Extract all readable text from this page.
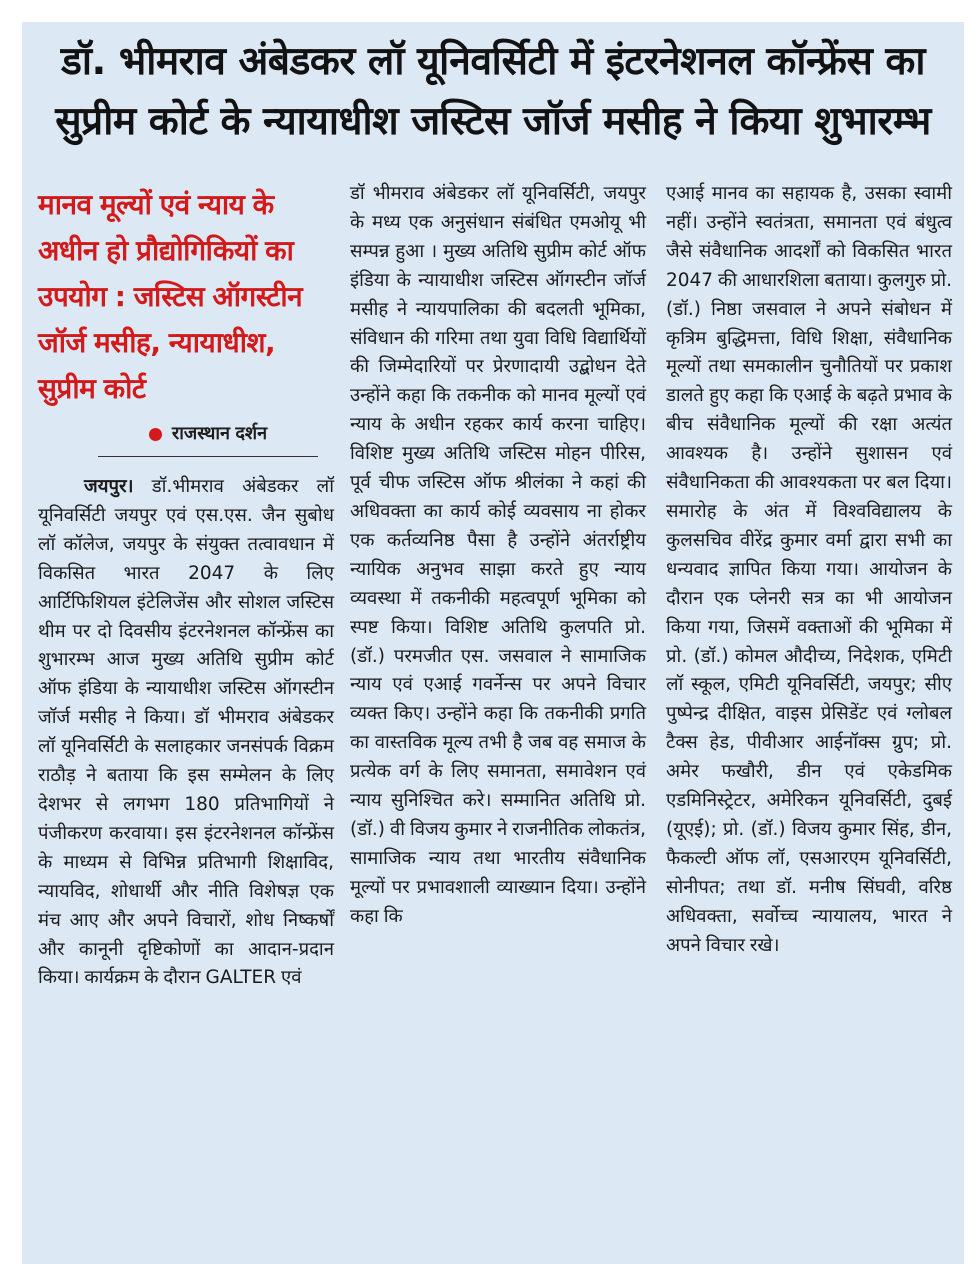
डॉ. भीमराव अंबेडकर लॉ यूनिवर्सिटी में इंटरनेशनल कॉन्फ्रेंस का
सुप्रीम कोर्ट के न्यायाधीश जस्टिस जॉर्ज मसीह ने किया शुभारम्भ
मानव मूल्यों एवं न्याय के अधीन हो प्रौद्योगिकियों का उपयोग : जस्टिस ऑगस्टीन जॉर्ज मसीह, न्यायाधीश, सुप्रीम कोर्ट
राजस्थान दर्शन

जयपुर। डॉ.भीमराव अंबेडकर लॉ यूनिवर्सिटी जयपुर एवं एस.एस. जैन सुबोध लॉ कॉलेज, जयपुर के संयुक्त तत्वावधान में विकसित भारत 2047 के लिए आर्टिफिशियल इंटेलिजेंस और सोशल जस्टिस थीम पर दो दिवसीय इंटरनेशनल कॉन्फ्रेंस का शुभारम्भ आज मुख्य अतिथि सुप्रीम कोर्ट ऑफ इंडिया के न्यायाधीश जस्टिस ऑगस्टीन जॉर्ज मसीह ने किया। डॉ भीमराव अंबेडकर लॉ यूनिवर्सिटी के सलाहकार जनसंपर्क विक्रम राठौड़ ने बताया कि इस सम्मेलन के लिए देशभर से लगभग 180 प्रतिभागियों ने पंजीकरण करवाया। इस इंटरनेशनल कॉन्फ्रेंस के माध्यम से विभिन्न प्रतिभागी शिक्षाविद, न्यायविद, शोधार्थी और नीति विशेषज्ञ एक मंच आए और अपने विचारों, शोध निष्कर्षों और कानूनी दृष्टिकोणों का आदान-प्रदान किया। कार्यक्रम के दौरान GALTER एवं

डॉ भीमराव अंबेडकर लॉ यूनिवर्सिटी, जयपुर के मध्य एक अनुसंधान संबंधित एमओयू भी सम्पन्न हुआ । मुख्य अतिथि सुप्रीम कोर्ट ऑफ इंडिया के न्यायाधीश जस्टिस ऑगस्टीन जॉर्ज मसीह ने न्यायपालिका की बदलती भूमिका, संविधान की गरिमा तथा युवा विधि विद्यार्थियों की जिम्मेदारियों पर प्रेरणादायी उद्बोधन देते उन्होंने कहा कि तकनीक को मानव मूल्यों एवं न्याय के अधीन रहकर कार्य करना चाहिए। विशिष्ट मुख्य अतिथि जस्टिस मोहन पीरिस, पूर्व चीफ जस्टिस ऑफ श्रीलंका ने कहां की अधिवक्ता का कार्य कोई व्यवसाय ना होकर एक कर्तव्यनिष्ठ पैसा है उन्होंने अंतर्राष्ट्रीय न्यायिक अनुभव साझा करते हुए न्याय व्यवस्था में तकनीकी महत्वपूर्ण भूमिका को स्पष्ट किया। विशिष्ट अतिथि कुलपति प्रो. (डॉ.) परमजीत एस. जसवाल ने सामाजिक न्याय एवं एआई गवर्नेन्स पर अपने विचार व्यक्त किए। उन्होंने कहा कि तकनीकी प्रगति का वास्तविक मूल्य तभी है जब वह समाज के प्रत्येक वर्ग के लिए समानता, समावेशन एवं न्याय सुनिश्चित करे। सम्मानित अतिथि प्रो. (डॉ.) वी विजय कुमार ने राजनीतिक लोकतंत्र, सामाजिक न्याय तथा भारतीय संवैधानिक मूल्यों पर प्रभावशाली व्याख्यान दिया। उन्होंने कहा कि

एआई मानव का सहायक है, उसका स्वामी नहीं। उन्होंने स्वतंत्रता, समानता एवं बंधुत्व जैसे संवैधानिक आदर्शों को विकसित भारत 2047 की आधारशिला बताया। कुलगुरु प्रो. (डॉ.) निष्ठा जसवाल ने अपने संबोधन में कृत्रिम बुद्धिमत्ता, विधि शिक्षा, संवैधानिक मूल्यों तथा समकालीन चुनौतियों पर प्रकाश डालते हुए कहा कि एआई के बढ़ते प्रभाव के बीच संवैधानिक मूल्यों की रक्षा अत्यंत आवश्यक है। उन्होंने सुशासन एवं संवैधानिकता की आवश्यकता पर बल दिया। समारोह के अंत में विश्वविद्यालय के कुलसचिव वीरेंद्र कुमार वर्मा द्वारा सभी का धन्यवाद ज्ञापित किया गया। आयोजन के दौरान एक प्लेनरी सत्र का भी आयोजन किया गया, जिसमें वक्ताओं की भूमिका में प्रो. (डॉ.) कोमल औदीच्य, निदेशक, एमिटी लॉ स्कूल, एमिटी यूनिवर्सिटी, जयपुर; सीए पुष्पेन्द्र दीक्षित, वाइस प्रेसिडेंट एवं ग्लोबल टैक्स हेड, पीवीआर आईनॉक्स ग्रुप; प्रो. अमेर फखौरी, डीन एवं एकेडमिक एडमिनिस्ट्रेटर, अमेरिकन यूनिवर्सिटी, दुबई (यूएई); प्रो. (डॉ.) विजय कुमार सिंह, डीन, फैकल्टी ऑफ लॉ, एसआरएम यूनिवर्सिटी, सोनीपत; तथा डॉ. मनीष सिंघवी, वरिष्ठ अधिवक्ता, सर्वोच्च न्यायालय, भारत ने अपने विचार रखे।
